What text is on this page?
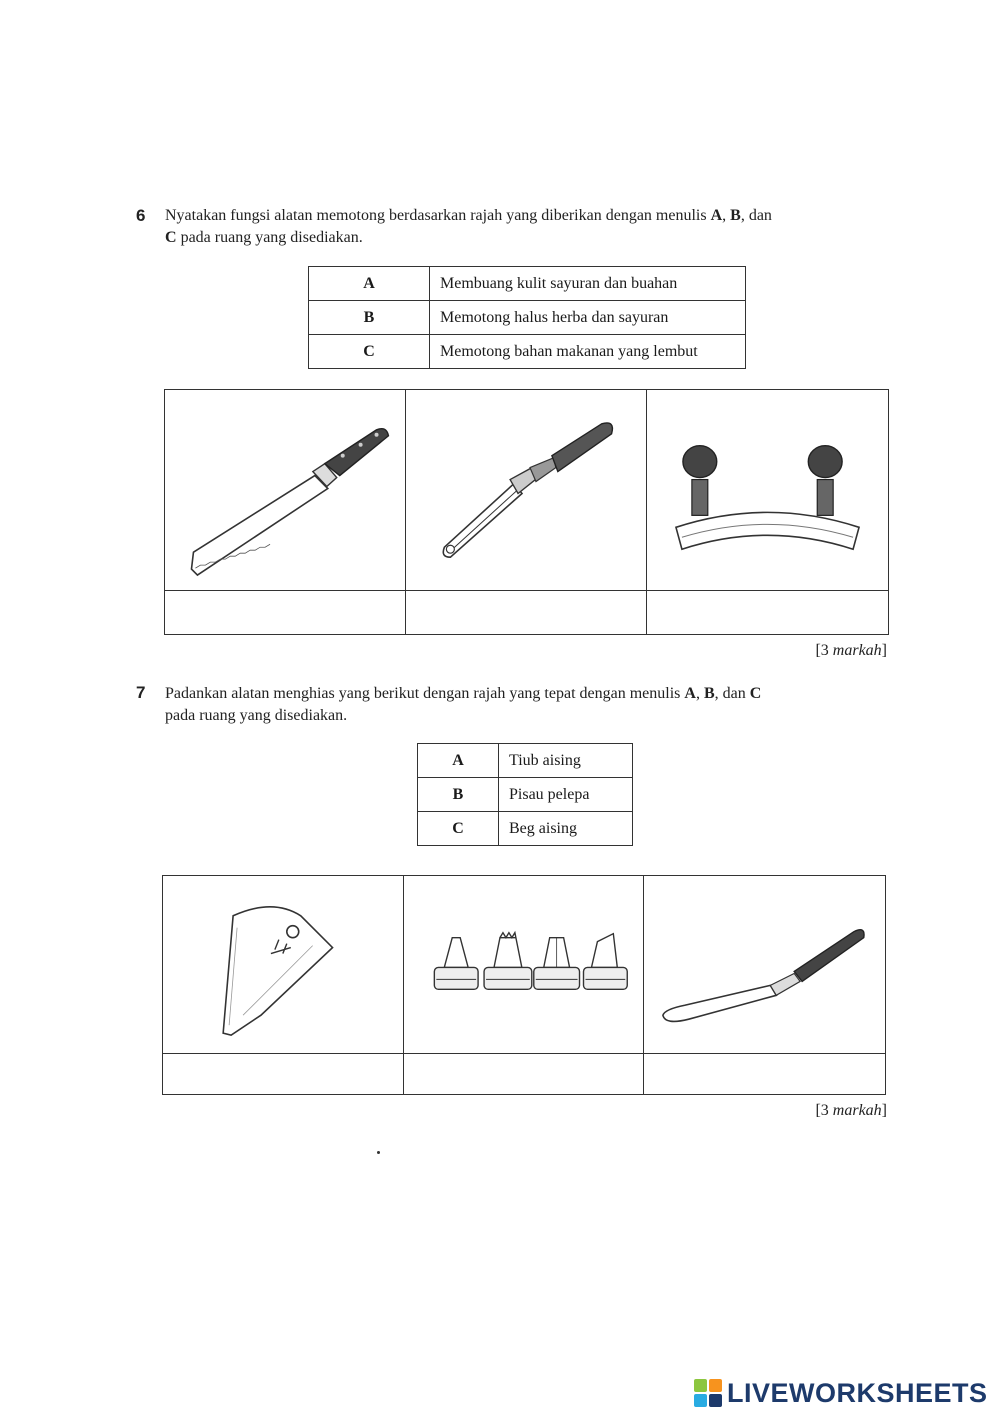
6 Nyatakan fungsi alatan memotong berdasarkan rajah yang diberikan dengan menulis A, B, dan
C pada ruang yang disediakan.
A	Membuang kulit sayuran dan buahan
B	Memotong halus herba dan sayuran
C	Memotong bahan makanan yang lembut
[3 markah]
7 Padankan alatan menghias yang berikut dengan rajah yang tepat dengan menulis A, B, dan C
pada ruang yang disediakan.
A	Tiub aising
B	Pisau pelepa
C	Beg aising
[3 markah]
LIVEWORKSHEETS
